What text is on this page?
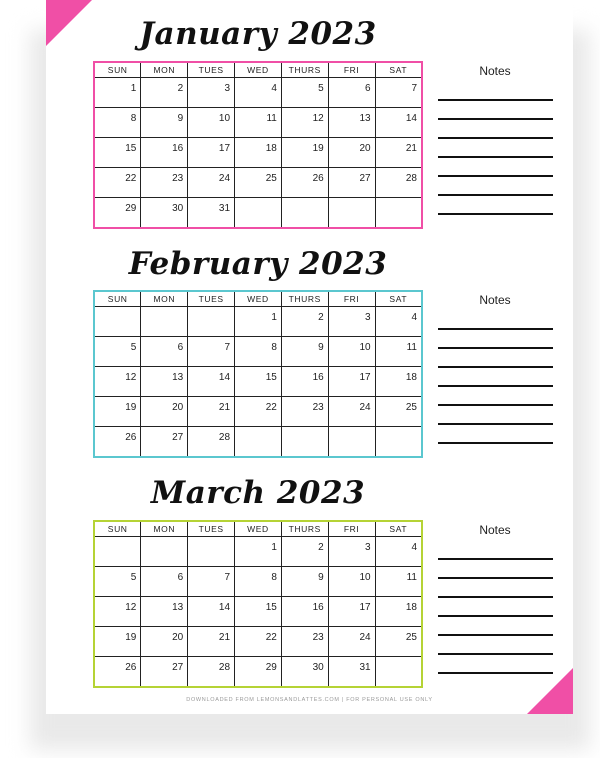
January 2023
SUN	MON	TUES	WED	THURS	FRI	SAT
1	2	3	4	5	6	7
8	9	10	11	12	13	14
15	16	17	18	19	20	21
22	23	24	25	26	27	28
29	30	31				
Notes
February 2023
SUN	MON	TUES	WED	THURS	FRI	SAT
			1	2	3	4
5	6	7	8	9	10	11
12	13	14	15	16	17	18
19	20	21	22	23	24	25
26	27	28				
Notes
March 2023
SUN	MON	TUES	WED	THURS	FRI	SAT
			1	2	3	4
5	6	7	8	9	10	11
12	13	14	15	16	17	18
19	20	21	22	23	24	25
26	27	28	29	30	31	
Notes
DOWNLOADED FROM LEMONSANDLATTES.COM | FOR PERSONAL USE ONLY
